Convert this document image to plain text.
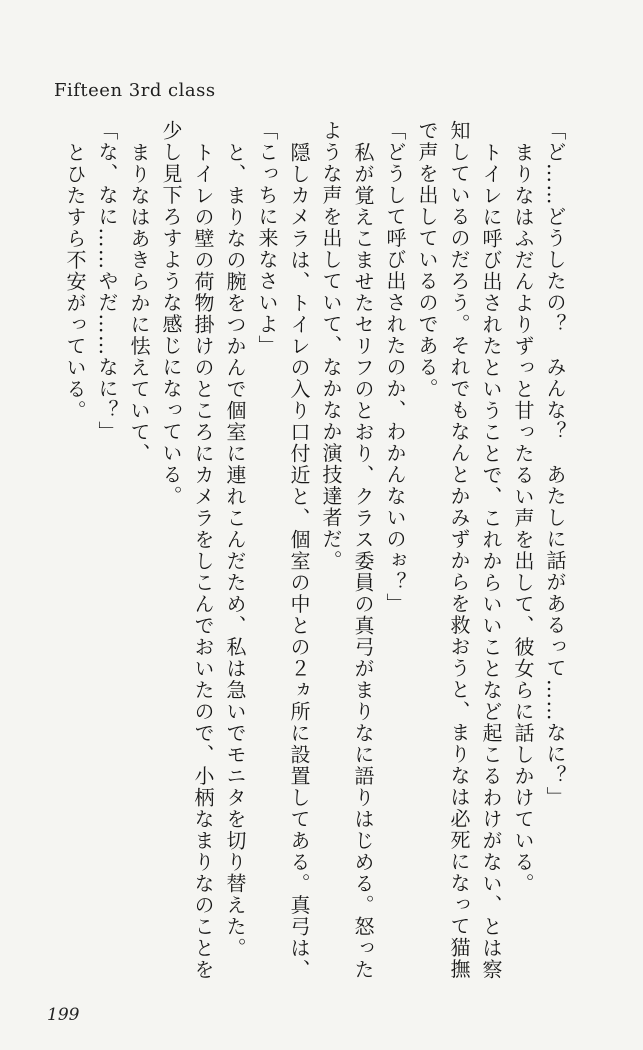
Fifteen 3rd class

「ど……どうしたの？　みんな？　あたしに話があるって……なに？」

まりなはふだんよりずっと甘ったるい声を出して、彼女らに話しかけている。

トイレに呼び出されたということで、これからいいことなど起こるわけがない、とは察知しているのだろう。それでもなんとかみずからを救おうと、まりなは必死になって猫撫で声を出しているのである。

「どうして呼び出されたのか、わかんないのぉ？」

私が覚えこませたセリフのとおり、クラス委員の真弓がまりなに語りはじめる。怒ったような声を出していて、なかなか演技達者だ。

隠しカメラは、トイレの入り口付近と、個室の中との２ヵ所に設置してある。真弓は、

「こっちに来なさいよ」

と、まりなの腕をつかんで個室に連れこんだため、私は急いでモニタを切り替えた。

トイレの壁の荷物掛けのところにカメラをしこんでおいたので、小柄なまりなのことを少し見下ろすような感じになっている。

まりなはあきらかに怯えていて、

「な、なに……やだ……なに？」

とひたすら不安がっている。

199
